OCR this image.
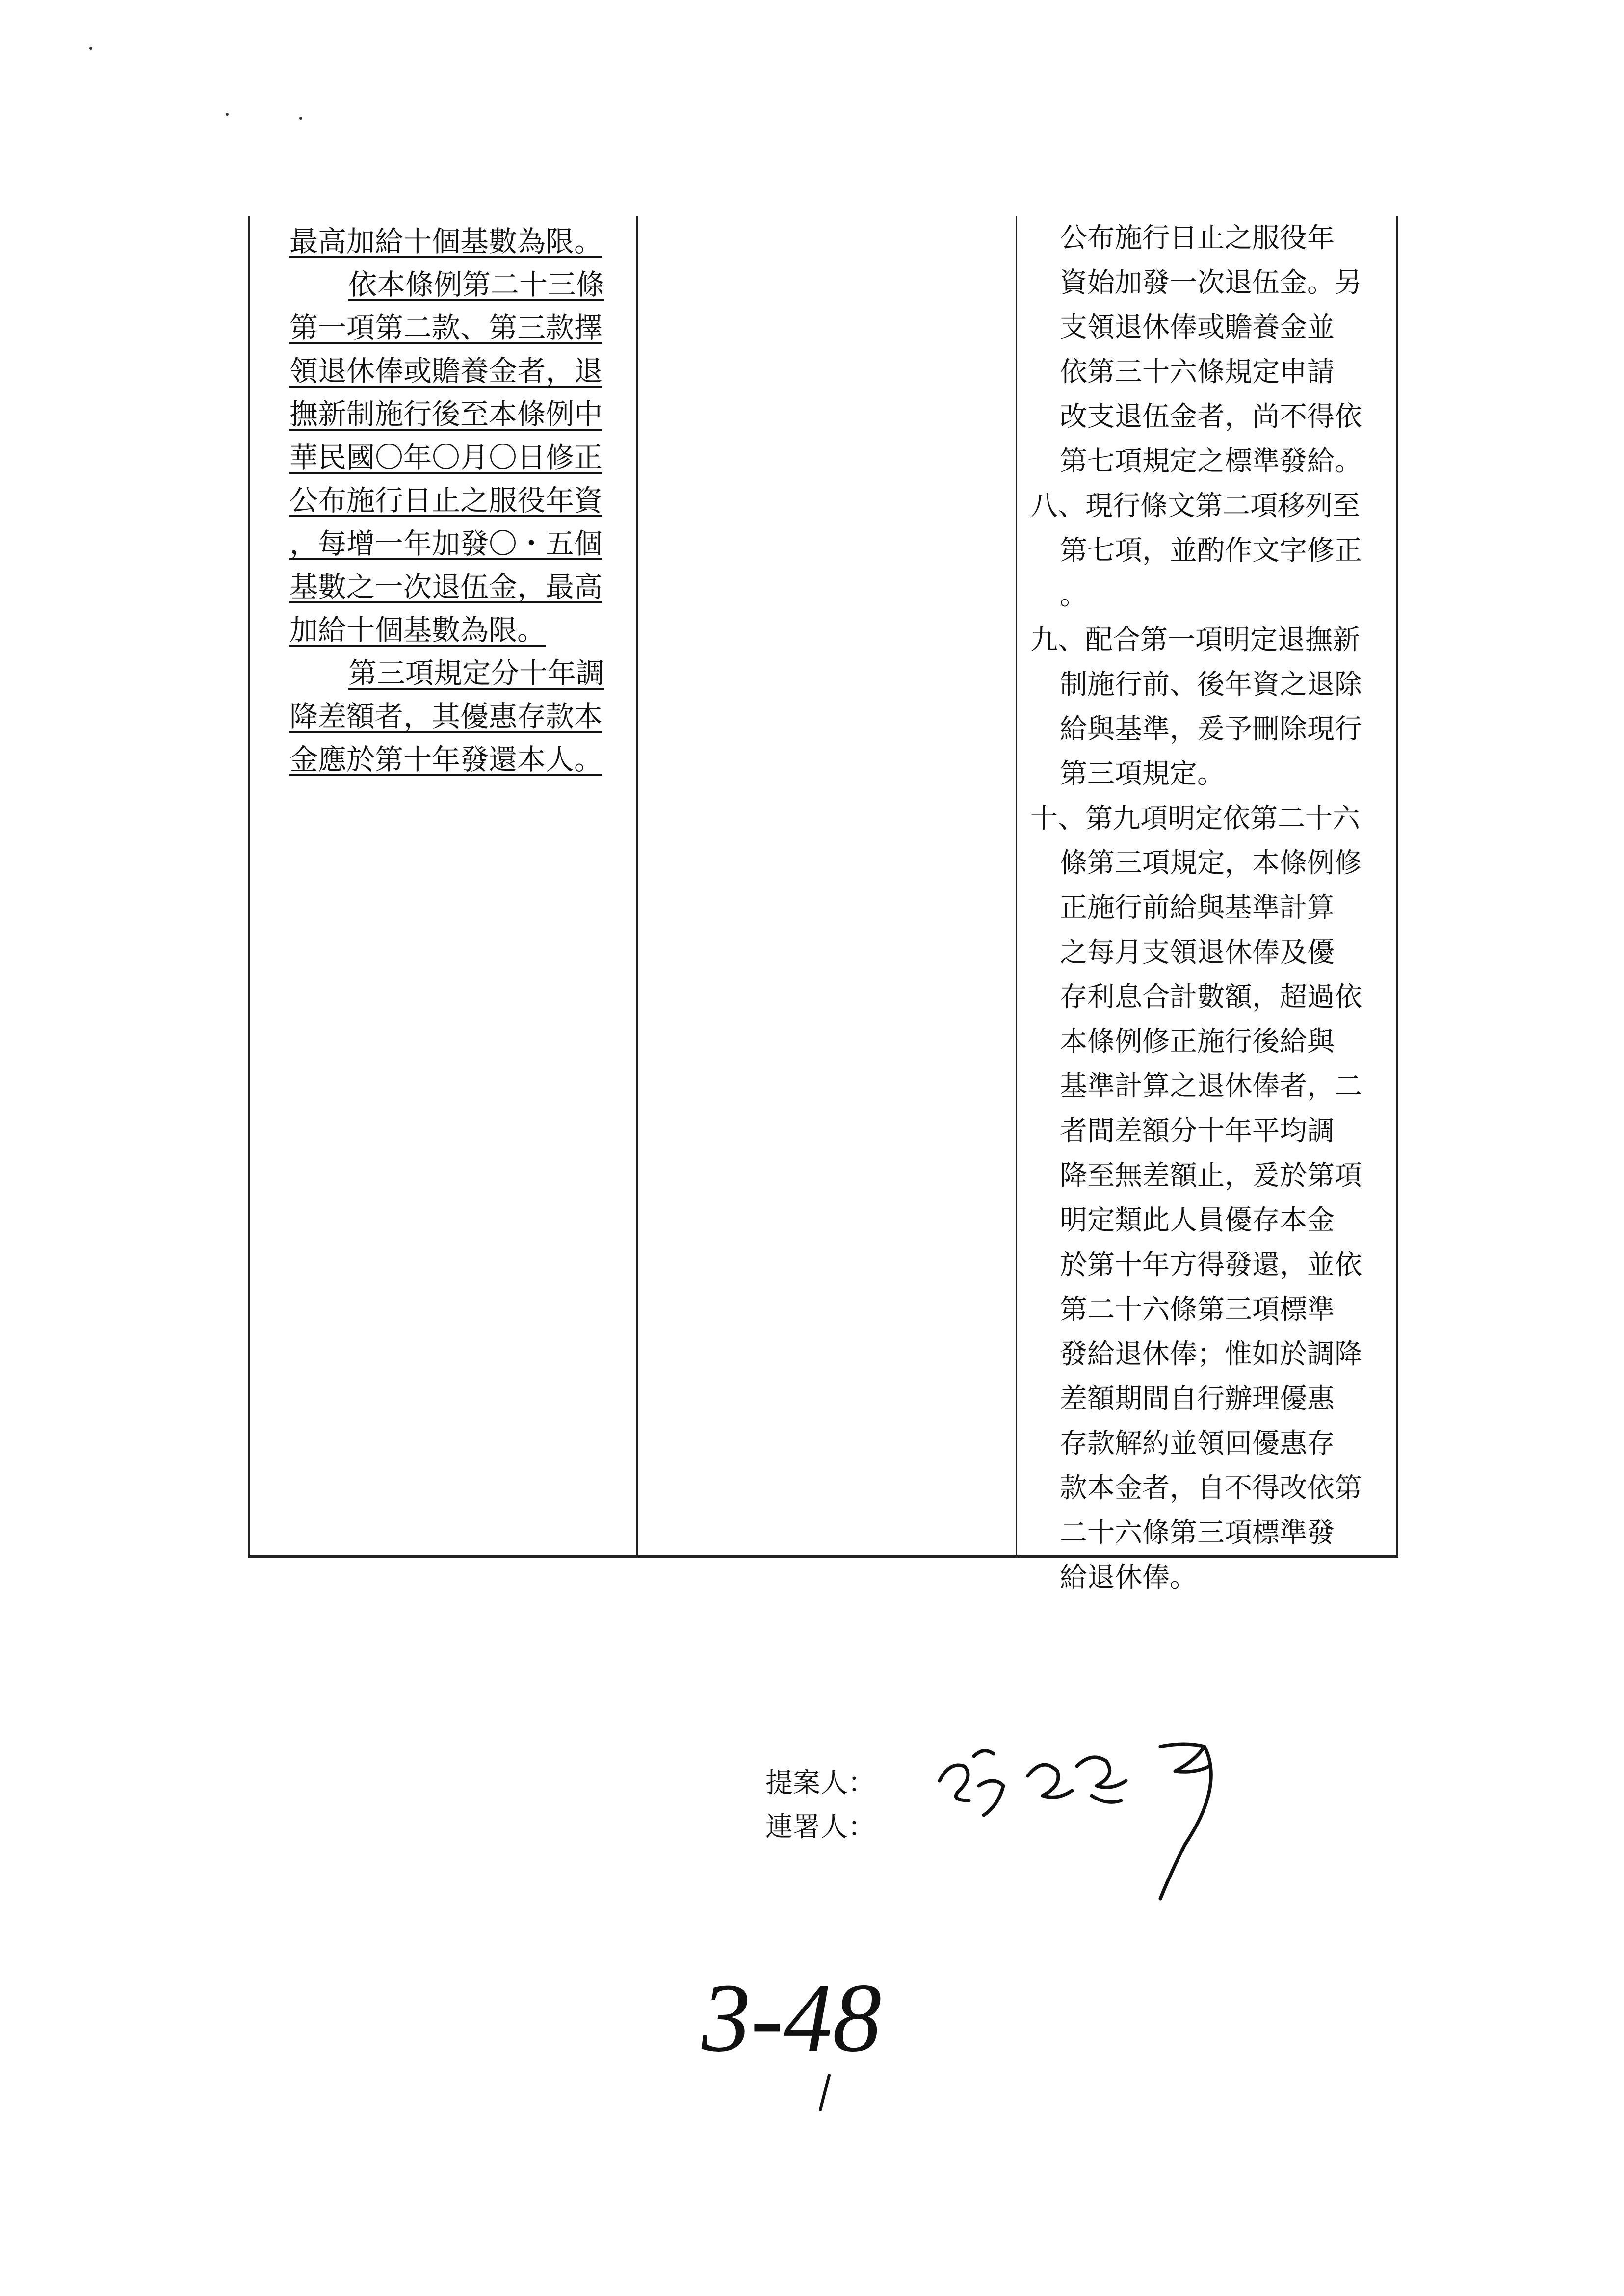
最高加給十個基數為限。
依本條例第二十三條
第一項第二款、第三款擇
領退休俸或贍養金者，退
撫新制施行後至本條例中
華民國〇年〇月〇日修正
公布施行日止之服役年資
，每增一年加發〇・五個
基數之一次退伍金，最高
加給十個基數為限。
第三項規定分十年調
降差額者，其優惠存款本
金應於第十年發還本人。
公布施行日止之服役年
資始加發一次退伍金。另
支領退休俸或贍養金並
依第三十六條規定申請
改支退伍金者，尚不得依
第七項規定之標準發給。
八、現行條文第二項移列至
第七項，並酌作文字修正
。
九、配合第一項明定退撫新
制施行前、後年資之退除
給與基準，爰予刪除現行
第三項規定。
十、第九項明定依第二十六
條第三項規定，本條例修
正施行前給與基準計算
之每月支領退休俸及優
存利息合計數額，超過依
本條例修正施行後給與
基準計算之退休俸者，二
者間差額分十年平均調
降至無差額止，爰於第項
明定類此人員優存本金
於第十年方得發還，並依
第二十六條第三項標準
發給退休俸；惟如於調降
差額期間自行辦理優惠
存款解約並領回優惠存
款本金者，自不得改依第
二十六條第三項標準發
給退休俸。
提案人：
連署人：
3-48
